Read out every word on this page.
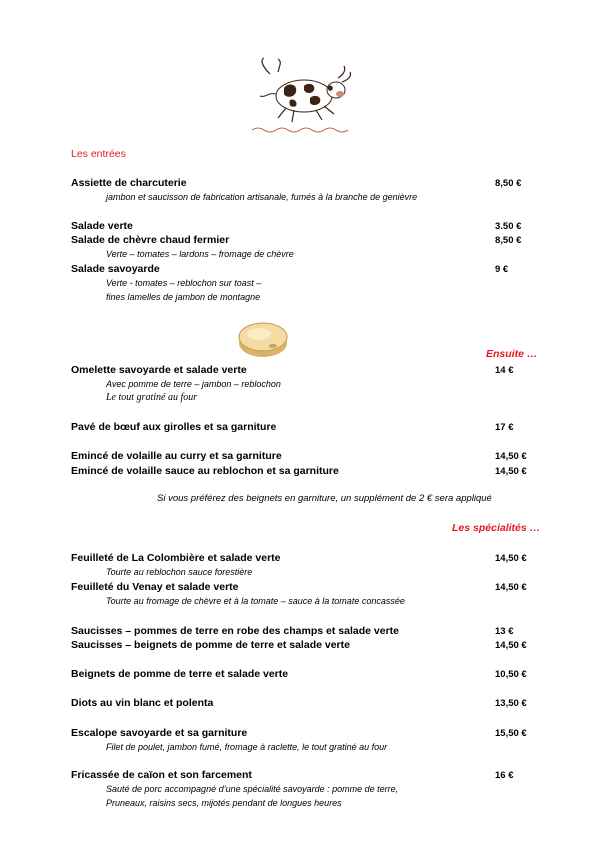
Les entrées
Assiette de charcuterie	8,50 €
jambon et saucisson de fabrication artisanale, fumés à la branche de genièvre
Salade verte	3.50 €
Salade de chèvre chaud fermier	8,50 €
Verte – tomates – lardons – fromage de chèvre
Salade savoyarde	9 €
Verte - tomates – reblochon sur toast –
fines lamelles de jambon de montagne
Ensuite …
Omelette savoyarde et salade verte	14 €
Avec pomme de terre – jambon – reblochon
Le tout gratiné au four
Pavé de bœuf aux girolles et sa garniture	17 €
Emincé de volaille au curry et sa garniture	14,50 €
Emincé de volaille sauce au reblochon et sa garniture	14,50 €
Si vous préférez des beignets en garniture, un supplément de 2 € sera appliqué
Les spécialités …
Feuilleté de La Colombière et salade verte	14,50 €
Tourte au reblochon sauce forestière
Feuilleté du Venay et salade verte	14,50 €
Tourte au fromage de chèvre et à la tomate – sauce à la tomate concassée
Saucisses – pommes de terre en robe des champs et salade verte	13 €
Saucisses – beignets de pomme de terre et salade verte	14,50 €
Beignets de pomme de terre et salade verte	10,50 €
Diots au vin blanc et polenta	13,50 €
Escalope savoyarde et sa garniture	15,50 €
Filet de poulet, jambon fumé, fromage à raclette, le tout gratiné au four
Fricassée de caïon et son farcement	16 €
Sauté de porc accompagné d’une spécialité savoyarde : pomme de terre,
Pruneaux, raisins secs, mijotés pendant de longues heures
